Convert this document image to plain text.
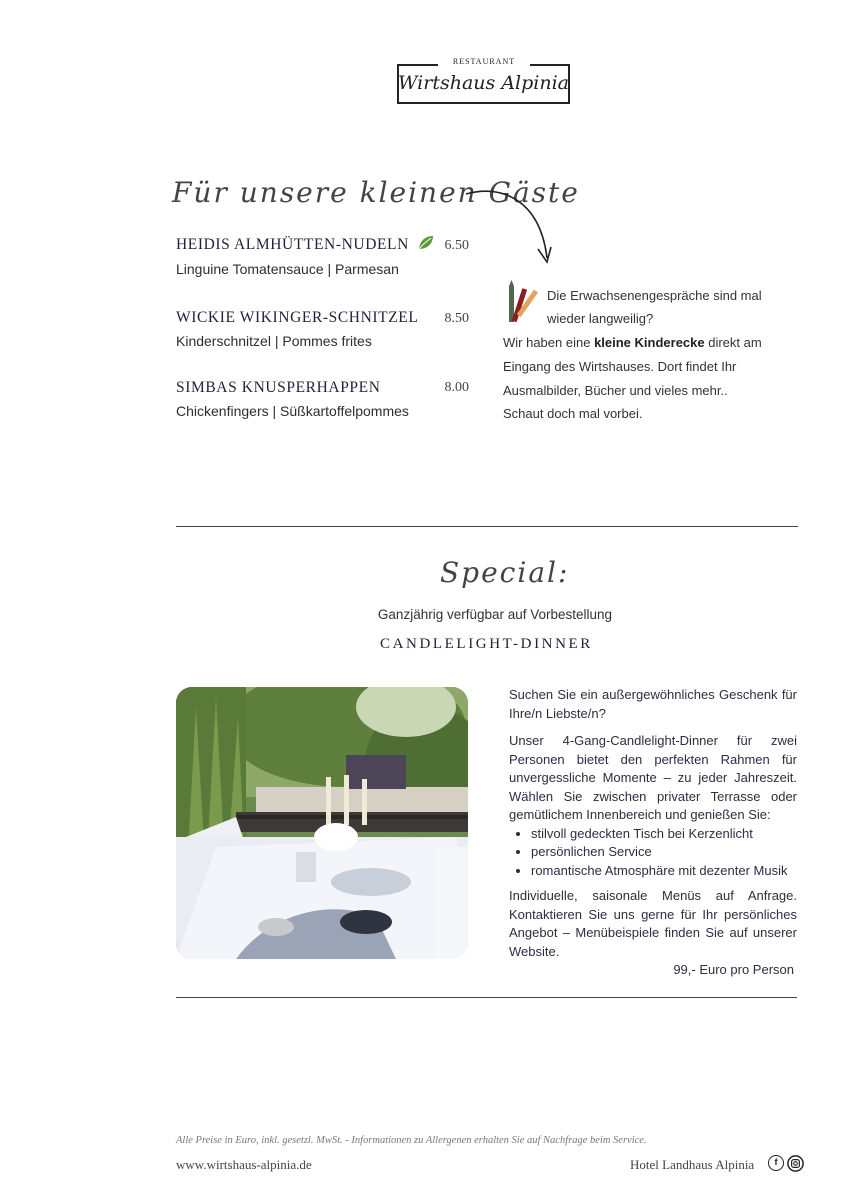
RESTAURANT
Wirtshaus Alpinia
Für unsere kleinen Gäste
HEIDIS ALMHÜTTEN-NUDELN	6.50
Linguine Tomatensauce | Parmesan
WICKIE WIKINGER-SCHNITZEL	8.50
Kinderschnitzel | Pommes frites
SIMBAS KNUSPERHAPPEN	8.00
Chickenfingers | Süßkartoffelpommes
Die Erwachsenengespräche sind mal
wieder langweilig?
Wir haben eine kleine Kinderecke direkt am
Eingang des Wirtshauses. Dort findet Ihr
Ausmalbilder, Bücher und vieles mehr..
Schaut doch mal vorbei.
Special:
Ganzjährig verfügbar auf Vorbestellung
CANDLELIGHT-DINNER

Suchen Sie ein außergewöhnliches Geschenk für Ihre/n Liebste/n?

Unser 4-Gang-Candlelight-Dinner für zwei Personen bietet den perfekten Rahmen für unvergessliche Momente – zu jeder Jahreszeit. Wählen Sie zwischen privater Terrasse oder gemütlichem Innenbereich und genießen Sie:

• stilvoll gedeckten Tisch bei Kerzenlicht
• persönlichen Service
• romantische Atmosphäre mit dezenter Musik

Individuelle, saisonale Menüs auf Anfrage. Kontaktieren Sie uns gerne für Ihr persönliches Angebot – Menübeispiele finden Sie auf unserer Website.

99,- Euro pro Person

Alle Preise in Euro, inkl. gesetzl. MwSt. - Informationen zu Allergenen erhalten Sie auf Nachfrage beim Service.
www.wirtshaus-alpinia.de	Hotel Landhaus Alpinia	f
